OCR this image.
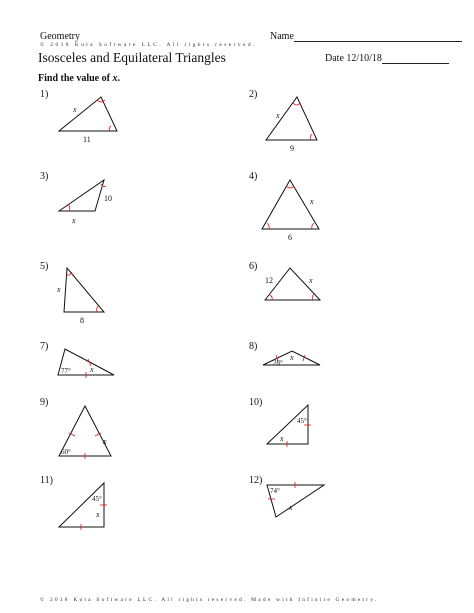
Geometry
© 2018 Kuta Software LLC. All rights reserved.
Isosceles and Equilateral Triangles
Name
Date 12/10/18
Find the value of x.
1)	2)
3)	4)
5)	6)
7)	8)
9)	10)
11)	12)
x
11
x
9
10
x
x
6
x
8
12	x
77° x
28°
x
60°
x
45°
x
45°
x
74°
x
© 2018 Kuta Software LLC. All rights reserved. Made with Infinite Geometry.
